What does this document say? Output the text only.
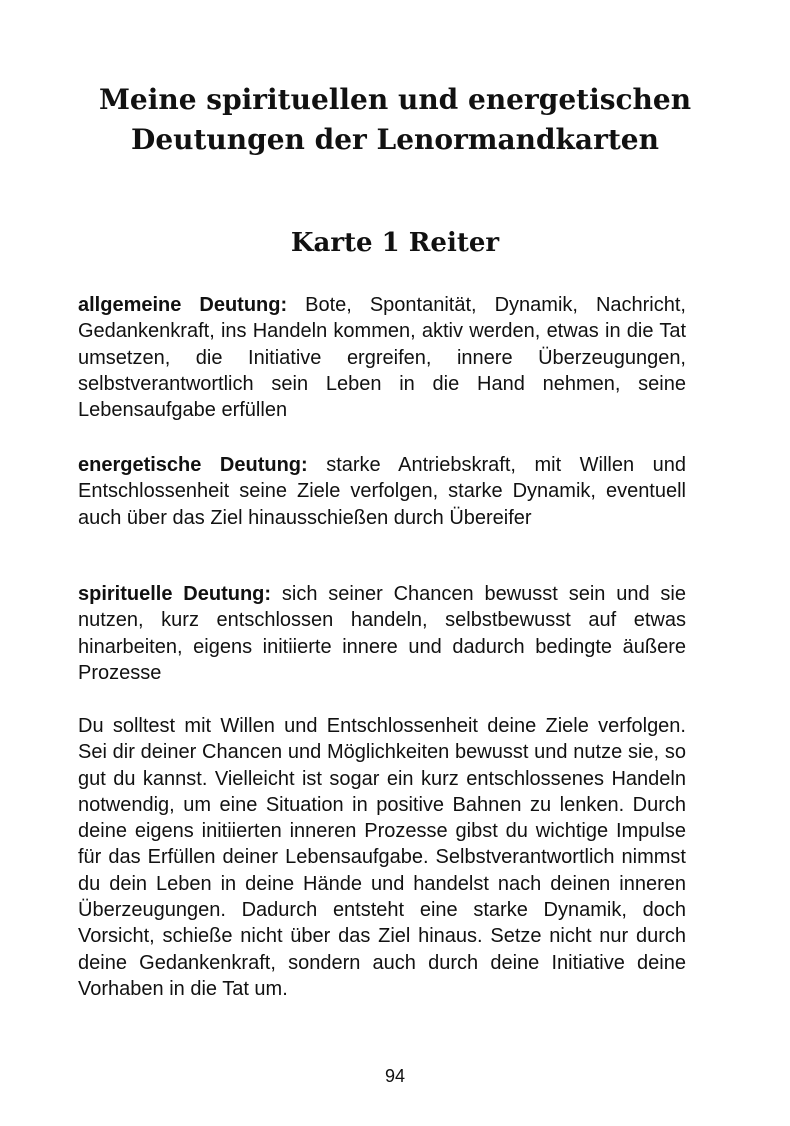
Meine spirituellen und energetischen
Deutungen der Lenormandkarten
Karte 1 Reiter

allgemeine Deutung: Bote, Spontanität, Dynamik, Nachricht, Gedankenkraft, ins Handeln kommen, aktiv werden, etwas in die Tat umsetzen, die Initiative ergreifen, innere Überzeugungen, selbstverantwortlich sein Leben in die Hand nehmen, seine Lebensaufgabe erfüllen

energetische Deutung: starke Antriebskraft, mit Willen und Entschlossenheit seine Ziele verfolgen, starke Dynamik, eventuell auch über das Ziel hinausschießen durch Übereifer

spirituelle Deutung: sich seiner Chancen bewusst sein und sie nutzen, kurz entschlossen handeln, selbstbewusst auf etwas hinarbeiten, eigens initiierte innere und dadurch bedingte äußere Prozesse

Du solltest mit Willen und Entschlossenheit deine Ziele verfolgen. Sei dir deiner Chancen und Möglichkeiten bewusst und nutze sie, so gut du kannst. Vielleicht ist sogar ein kurz entschlossenes Handeln notwendig, um eine Situation in positive Bahnen zu lenken. Durch deine eigens initiierten inneren Prozesse gibst du wichtige Impulse für das Erfüllen deiner Lebensaufgabe. Selbstverantwortlich nimmst du dein Leben in deine Hände und handelst nach deinen inneren Überzeugungen. Dadurch entsteht eine starke Dynamik, doch Vorsicht, schieße nicht über das Ziel hinaus. Setze nicht nur durch deine Gedankenkraft, sondern auch durch deine Initiative deine Vorhaben in die Tat um.

94
